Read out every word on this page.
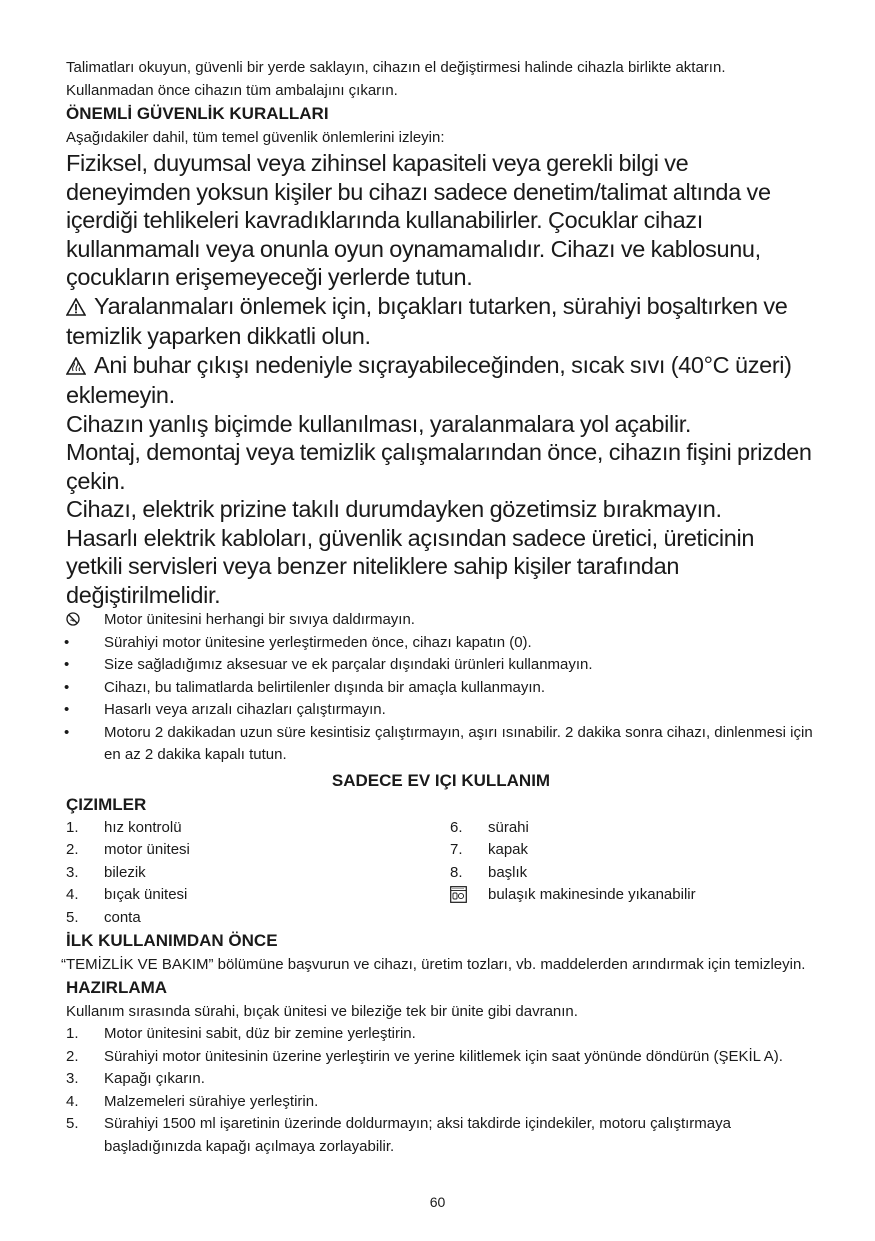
Talimatları okuyun, güvenli bir yerde saklayın, cihazın el değiştirmesi halinde cihazla birlikte aktarın. Kullanmadan önce cihazın tüm ambalajını çıkarın.

ÖNEMLİ GÜVENLİK KURALLARI

Aşağıdakiler dahil, tüm temel güvenlik önlemlerini izleyin:

Fiziksel, duyumsal veya zihinsel kapasiteli veya gerekli bilgi ve deneyimden yoksun kişiler bu cihazı sadece denetim/talimat altında ve içerdiği tehlikeleri kavradıklarında kullanabilirler. Çocuklar cihazı kullanmamalı veya onunla oyun oynamamalıdır. Cihazı ve kablosunu, çocukların erişemeyeceği yerlerde tutun.

Yaralanmaları önlemek için, bıçakları tutarken, sürahiyi boşaltırken ve temizlik yaparken dikkatli olun.

Ani buhar çıkışı nedeniyle sıçrayabileceğinden, sıcak sıvı (40°C üzeri) eklemeyin.

Cihazın yanlış biçimde kullanılması, yaralanmalara yol açabilir.

Montaj, demontaj veya temizlik çalışmalarından önce, cihazın fişini prizden çekin.

Cihazı, elektrik prizine takılı durumdayken gözetimsiz bırakmayın.

Hasarlı elektrik kabloları, güvenlik açısından sadece üretici, üreticinin yetkili servisleri veya benzer niteliklere sahip kişiler tarafından değiştirilmelidir.

Motor ünitesini herhangi bir sıvıya daldırmayın.
•	Sürahiyi motor ünitesine yerleştirmeden önce, cihazı kapatın (0).
•	Size sağladığımız aksesuar ve ek parçalar dışındaki ürünleri kullanmayın.
•	Cihazı, bu talimatlarda belirtilenler dışında bir amaçla kullanmayın.
•	Hasarlı veya arızalı cihazları çalıştırmayın.
•	Motoru 2 dakikadan uzun süre kesintisiz çalıştırmayın, aşırı ısınabilir. 2 dakika sonra cihazı, dinlenmesi için en az 2 dakika kapalı tutun.

SADECE EV IÇI KULLANIM

ÇIZIMLER

1.	hız kontrolü
2.	motor ünitesi
3.	bilezik
4.	bıçak ünitesi
5.	conta
6.	sürahi
7.	kapak
8.	başlık
bulaşık makinesinde yıkanabilir

İLK KULLANIMDAN ÖNCE

“TEMİZLİK VE BAKIM” bölümüne başvurun ve cihazı, üretim tozları, vb. maddelerden arındırmak için temizleyin.

HAZIRLAMA

Kullanım sırasında sürahi, bıçak ünitesi ve bileziğe tek bir ünite gibi davranın.

1.	Motor ünitesini sabit, düz bir zemine yerleştirin.
2.	Sürahiyi motor ünitesinin üzerine yerleştirin ve yerine kilitlemek için saat yönünde döndürün (ŞEKİL A).
3.	Kapağı çıkarın.
4.	Malzemeleri sürahiye yerleştirin.
5.	Sürahiyi 1500 ml işaretinin üzerinde doldurmayın; aksi takdirde içindekiler, motoru çalıştırmaya başladığınızda kapağı açılmaya zorlayabilir.
60
